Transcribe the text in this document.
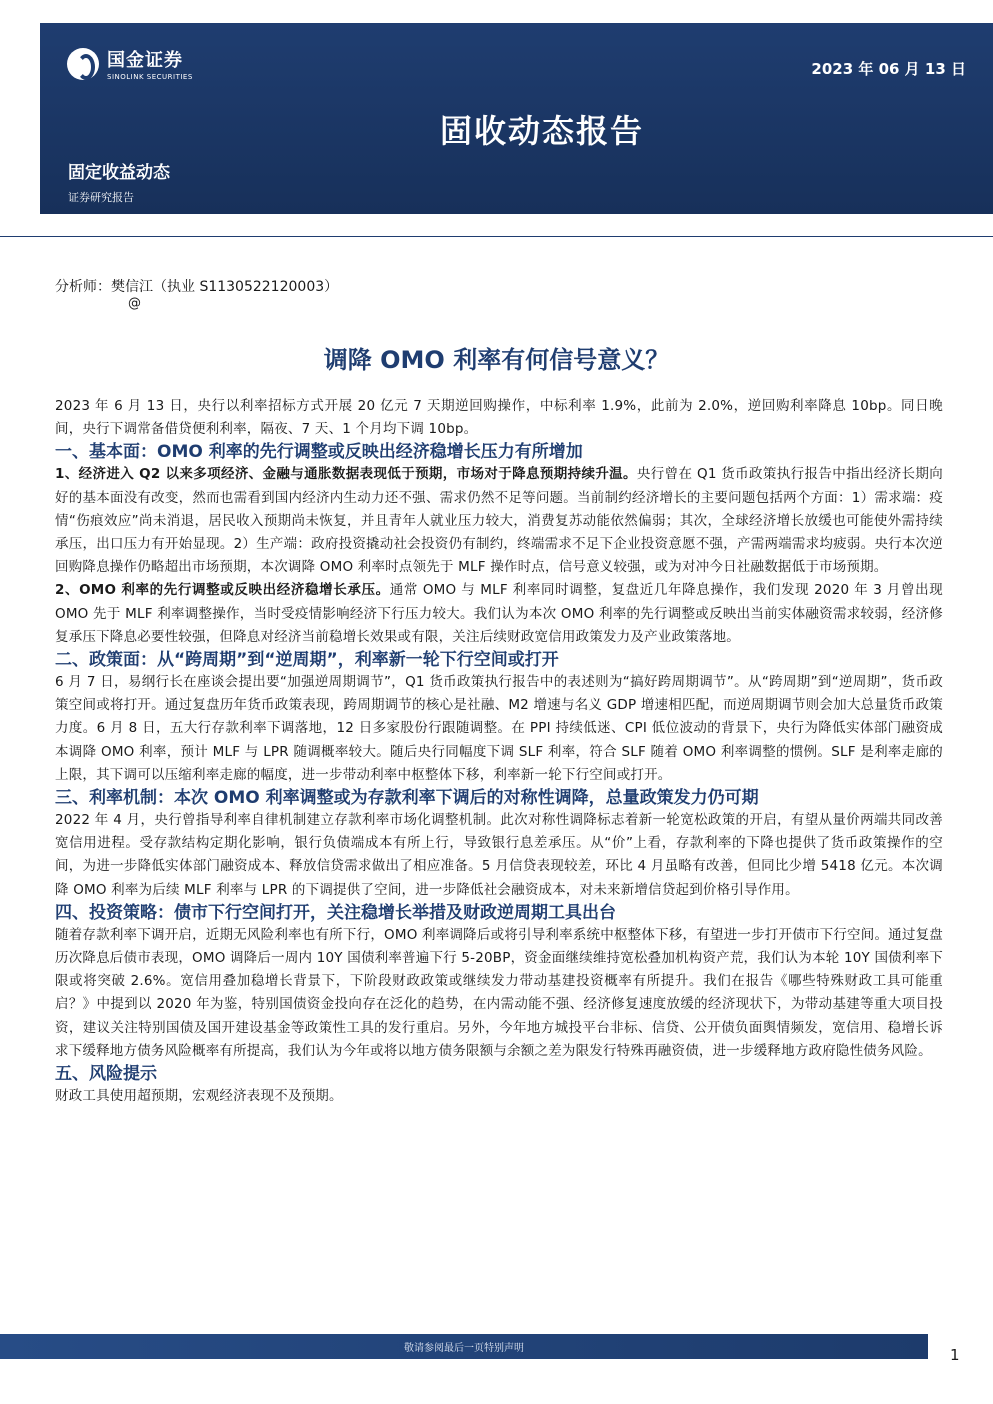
国金证券
SINOLINK SECURITIES	2023 年 06 月 13 日
固收动态报告
固定收益动态
证券研究报告
分析师：樊信江（执业 S1130522120003）
@
调降 OMO 利率有何信号意义？

2023 年 6 月 13 日，央行以利率招标方式开展 20 亿元 7 天期逆回购操作，中标利率 1.9%，此前为 2.0%，逆回购利率降息 10bp。同日晚间，央行下调常备借贷便利利率，隔夜、7 天、1 个月均下调 10bp。

一、基本面：OMO 利率的先行调整或反映出经济稳增长压力有所增加

1、经济进入 Q2 以来多项经济、金融与通胀数据表现低于预期，市场对于降息预期持续升温。央行曾在 Q1 货币政策执行报告中指出经济长期向好的基本面没有改变，然而也需看到国内经济内生动力还不强、需求仍然不足等问题。当前制约经济增长的主要问题包括两个方面：1）需求端：疫情“伤痕效应”尚未消退，居民收入预期尚未恢复，并且青年人就业压力较大，消费复苏动能依然偏弱；其次，全球经济增长放缓也可能使外需持续承压，出口压力有开始显现。2）生产端：政府投资撬动社会投资仍有制约，终端需求不足下企业投资意愿不强，产需两端需求均疲弱。央行本次逆回购降息操作仍略超出市场预期，本次调降 OMO 利率时点领先于 MLF 操作时点，信号意义较强，或为对冲今日社融数据低于市场预期。

2、OMO 利率的先行调整或反映出经济稳增长承压。通常 OMO 与 MLF 利率同时调整，复盘近几年降息操作，我们发现 2020 年 3 月曾出现 OMO 先于 MLF 利率调整操作，当时受疫情影响经济下行压力较大。我们认为本次 OMO 利率的先行调整或反映出当前实体融资需求较弱，经济修复承压下降息必要性较强，但降息对经济当前稳增长效果或有限，关注后续财政宽信用政策发力及产业政策落地。

二、政策面：从“跨周期”到“逆周期”，利率新一轮下行空间或打开

6 月 7 日，易纲行长在座谈会提出要“加强逆周期调节”，Q1 货币政策执行报告中的表述则为“搞好跨周期调节”。从“跨周期”到“逆周期”，货币政策空间或将打开。通过复盘历年货币政策表现，跨周期调节的核心是社融、M2 增速与名义 GDP 增速相匹配，而逆周期调节则会加大总量货币政策力度。6 月 8 日，五大行存款利率下调落地，12 日多家股份行跟随调整。在 PPI 持续低迷、CPI 低位波动的背景下，央行为降低实体部门融资成本调降 OMO 利率，预计 MLF 与 LPR 随调概率较大。随后央行同幅度下调 SLF 利率，符合 SLF 随着 OMO 利率调整的惯例。SLF 是利率走廊的上限，其下调可以压缩利率走廊的幅度，进一步带动利率中枢整体下移，利率新一轮下行空间或打开。

三、利率机制：本次 OMO 利率调整或为存款利率下调后的对称性调降，总量政策发力仍可期

2022 年 4 月，央行曾指导利率自律机制建立存款利率市场化调整机制。此次对称性调降标志着新一轮宽松政策的开启，有望从量价两端共同改善宽信用进程。受存款结构定期化影响，银行负债端成本有所上行，导致银行息差承压。从“价”上看，存款利率的下降也提供了货币政策操作的空间，为进一步降低实体部门融资成本、释放信贷需求做出了相应准备。5 月信贷表现较差，环比 4 月虽略有改善，但同比少增 5418 亿元。本次调降 OMO 利率为后续 MLF 利率与 LPR 的下调提供了空间，进一步降低社会融资成本，对未来新增信贷起到价格引导作用。

四、投资策略：债市下行空间打开，关注稳增长举措及财政逆周期工具出台

随着存款利率下调开启，近期无风险利率也有所下行，OMO 利率调降后或将引导利率系统中枢整体下移，有望进一步打开债市下行空间。通过复盘历次降息后债市表现，OMO 调降后一周内 10Y 国债利率普遍下行 5-20BP，资金面继续维持宽松叠加机构资产荒，我们认为本轮 10Y 国债利率下限或将突破 2.6%。宽信用叠加稳增长背景下，下阶段财政政策或继续发力带动基建投资概率有所提升。我们在报告《哪些特殊财政工具可能重启？》中提到以 2020 年为鉴，特别国债资金投向存在泛化的趋势，在内需动能不强、经济修复速度放缓的经济现状下，为带动基建等重大项目投资，建议关注特别国债及国开建设基金等政策性工具的发行重启。另外，今年地方城投平台非标、信贷、公开债负面舆情频发，宽信用、稳增长诉求下缓释地方债务风险概率有所提高，我们认为今年或将以地方债务限额与余额之差为限发行特殊再融资债，进一步缓释地方政府隐性债务风险。

五、风险提示

财政工具使用超预期，宏观经济表现不及预期。

敬请参阅最后一页特别声明	1
